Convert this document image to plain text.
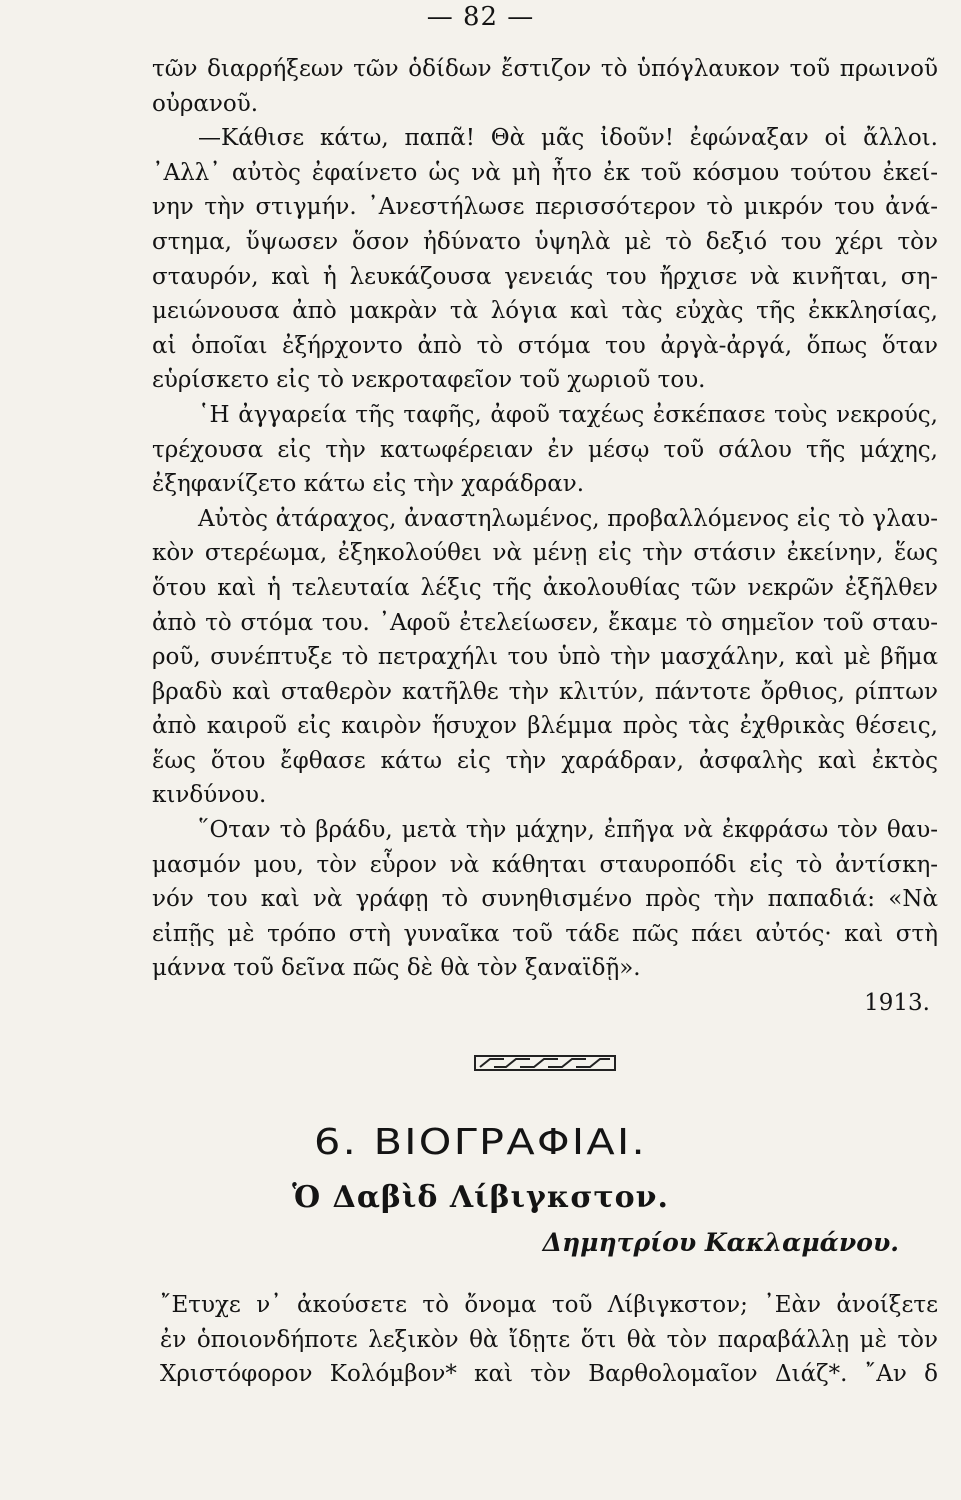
— 82 —
τῶν διαρρήξεων τῶν ὁδίδων ἔστιζον τὸ ὑπόγλαυκον τοῦ πρωινοῦ
οὐρανοῦ.
—Κάθισε κάτω, παπᾶ! Θὰ μᾶς ἰδοῦν! ἐφώναξαν οἱ ἄλλοι.
᾿Αλλ᾿ αὐτὸς ἐφαίνετο ὡς νὰ μὴ ἦτο ἐκ τοῦ κόσμου τούτου ἐκεί-
νην τὴν στιγμήν. ᾿Ανεστήλωσε περισσότερον τὸ μικρόν του ἀνά-
στημα, ὕψωσεν ὅσον ἠδύνατο ὑψηλὰ μὲ τὸ δεξιό του χέρι τὸν
σταυρόν, καὶ ἡ λευκάζουσα γενειάς του ἤρχισε νὰ κινῆται, ση-
μειώνουσα ἀπὸ μακρὰν τὰ λόγια καὶ τὰς εὐχὰς τῆς ἐκκλησίας,
αἱ ὁποῖαι ἐξήρχοντο ἀπὸ τὸ στόμα του ἀργὰ-ἀργά, ὅπως ὅταν
εὑρίσκετο εἰς τὸ νεκροταφεῖον τοῦ χωριοῦ του.
῾Η ἀγγαρεία τῆς ταφῆς, ἀφοῦ ταχέως ἐσκέπασε τοὺς νεκρούς,
τρέχουσα εἰς τὴν κατωφέρειαν ἐν μέσῳ τοῦ σάλου τῆς μάχης,
ἐξηφανίζετο κάτω εἰς τὴν χαράδραν.
Αὐτὸς ἀτάραχος, ἀναστηλωμένος, προβαλλόμενος εἰς τὸ γλαυ-
κὸν στερέωμα, ἐξηκολούθει νὰ μένῃ εἰς τὴν στάσιν ἐκείνην, ἕως
ὅτου καὶ ἡ τελευταία λέξις τῆς ἀκολουθίας τῶν νεκρῶν ἐξῆλθεν
ἀπὸ τὸ στόμα του. ᾿Αφοῦ ἐτελείωσεν, ἔκαμε τὸ σημεῖον τοῦ σταυ-
ροῦ, συνέπτυξε τὸ πετραχήλι του ὑπὸ τὴν μασχάλην, καὶ μὲ βῆμα
βραδὺ καὶ σταθερὸν κατῆλθε τὴν κλιτύν, πάντοτε ὄρθιος, ρίπτων
ἀπὸ καιροῦ εἰς καιρὸν ἥσυχον βλέμμα πρὸς τὰς ἐχθρικὰς θέσεις,
ἕως ὅτου ἔφθασε κάτω εἰς τὴν χαράδραν, ἀσφαλὴς καὶ ἐκτὸς
κινδύνου.
῞Οταν τὸ βράδυ, μετὰ τὴν μάχην, ἐπῆγα νὰ ἐκφράσω τὸν θαυ-
μασμόν μου, τὸν εὗρον νὰ κάθηται σταυροπόδι εἰς τὸ ἀντίσκη-
νόν του καὶ νὰ γράφῃ τὸ συνηθισμένο πρὸς τὴν παπαδιά: «Νὰ
εἰπῇς μὲ τρόπο στὴ γυναῖκα τοῦ τάδε πῶς πάει αὐτός· καὶ στὴ
μάννα τοῦ δεῖνα πῶς δὲ θὰ τὸν ξαναϊδῇ».
1913.
6. ΒΙΟΓΡΑΦΙΑΙ.
Ὁ Δαβὶδ Λίβιγκστον.
Δημητρίου Κακλαμάνου.
῎Ετυχε ν᾿ ἀκούσετε τὸ ὄνομα τοῦ Λίβιγκστον; ᾿Εὰν ἀνοίξετε
ἐν ὁποιονδήποτε λεξικὸν θὰ ἴδῃτε ὅτι θὰ τὸν παραβάλλῃ μὲ τὸν
Χριστόφορον Κολόμβον* καὶ τὸν Βαρθολομαῖον Διάζ*. ῎Αν δ
